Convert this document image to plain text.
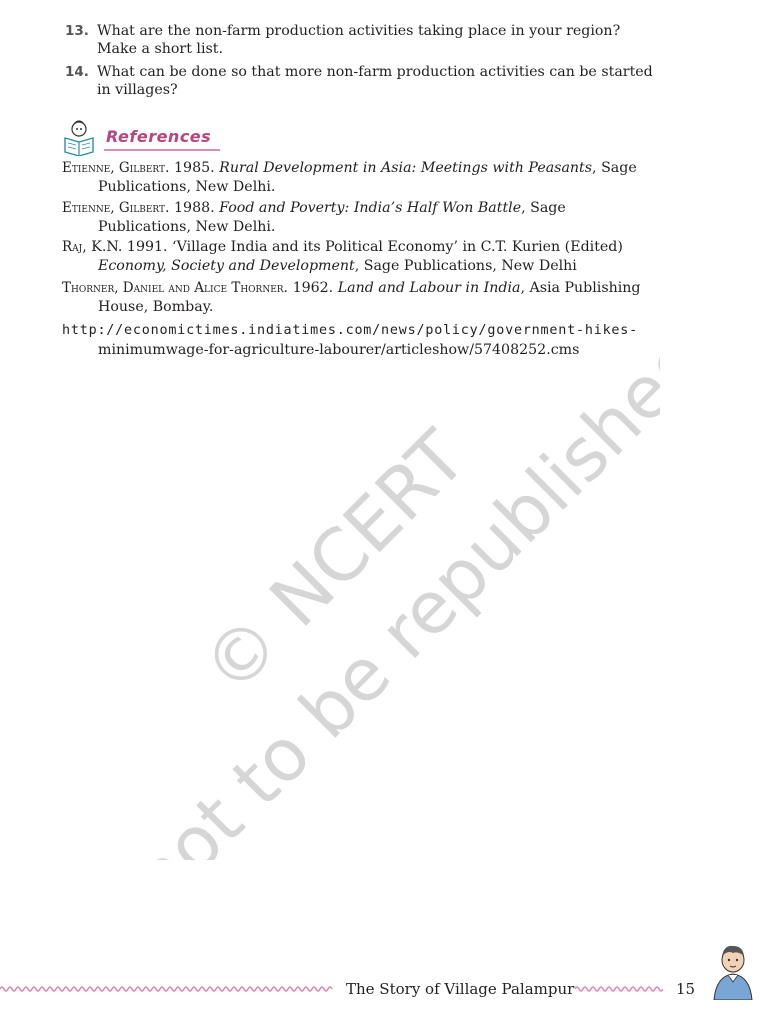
13. What are the non-farm production activities taking place in your region? Make a short list.
14. What can be done so that more non-farm production activities can be started in villages?
References
Etienne, Gilbert. 1985. Rural Development in Asia: Meetings with Peasants, Sage Publications, New Delhi.
Etienne, Gilbert. 1988. Food and Poverty: India’s Half Won Battle, Sage Publications, New Delhi.
Raj, K.N. 1991. ‘Village India and its Political Economy’ in C.T. Kurien (Edited) Economy, Society and Development, Sage Publications, New Delhi
Thorner, Daniel and Alice Thorner. 1962. Land and Labour in India, Asia Publishing House, Bombay.
http://economictimes.indiatimes.com/news/policy/government-hikes-
minimumwage-for-agriculture-labourer/articleshow/57408252.cms
© NCERT
not to be republished
The Story of Village Palampur	15
